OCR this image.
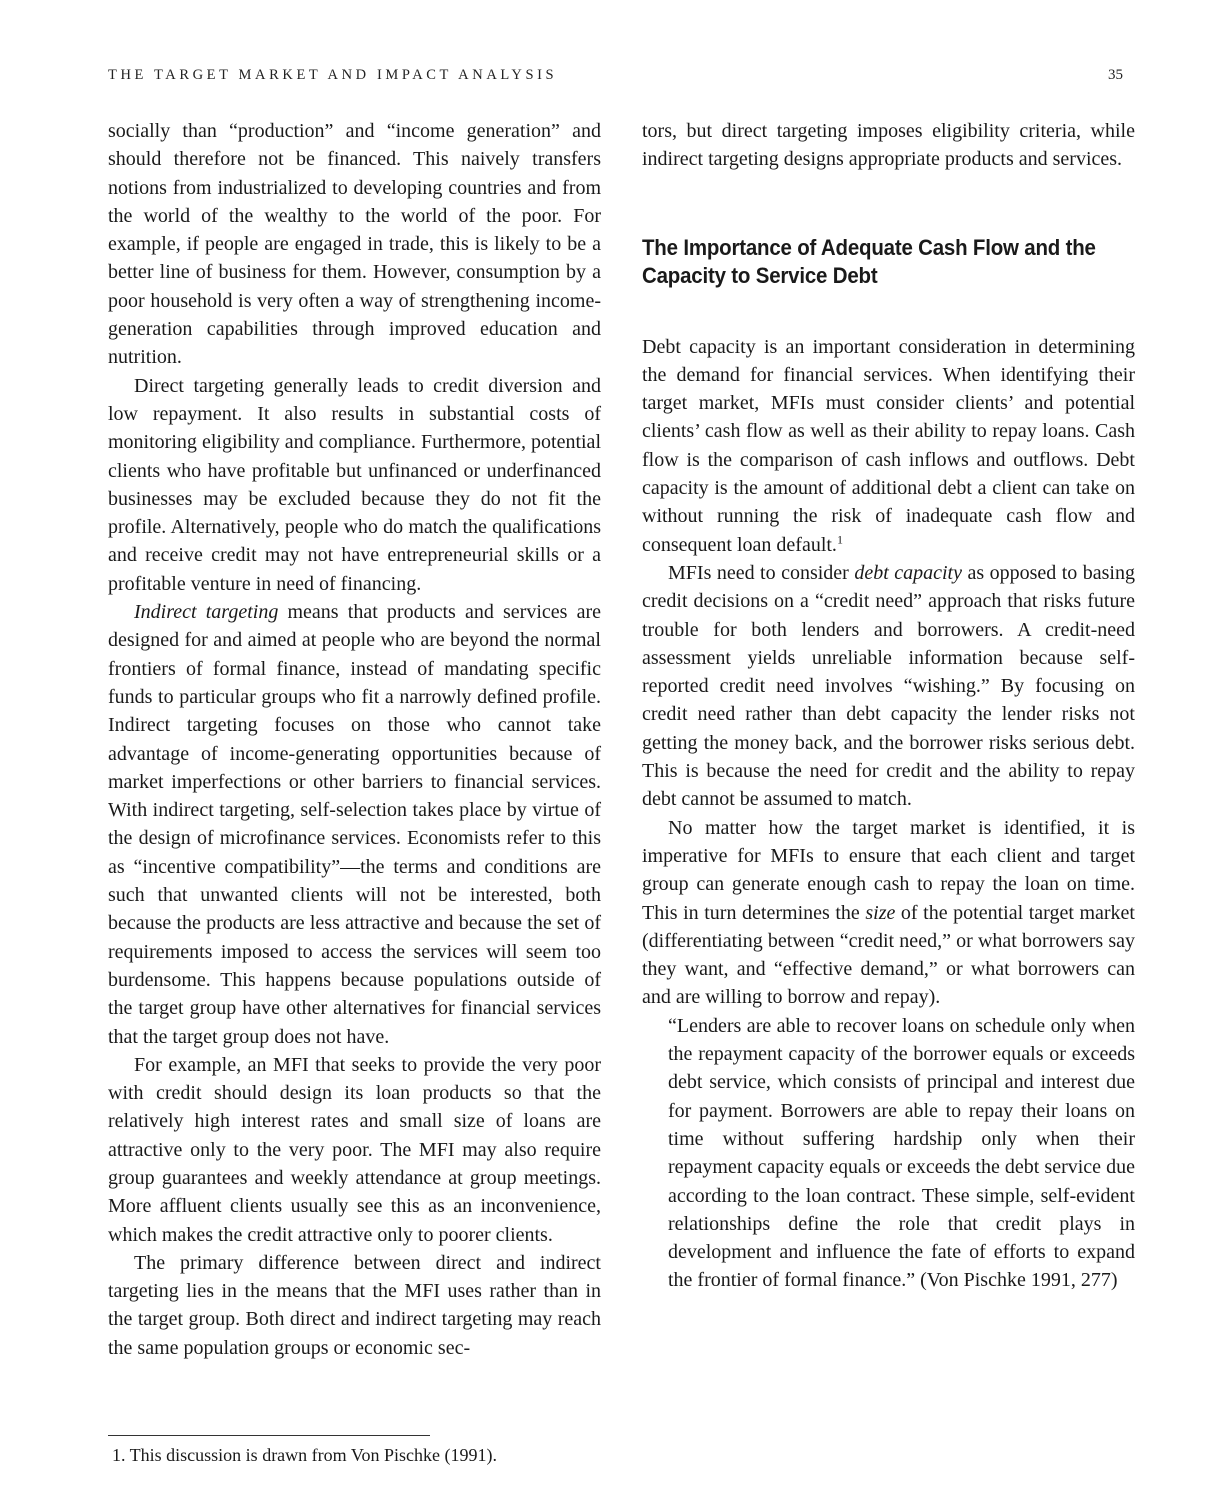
THE TARGET MARKET AND IMPACT ANALYSIS	35

socially than “production” and “income generation” and should therefore not be financed. This naively transfers notions from industrialized to developing countries and from the world of the wealthy to the world of the poor. For example, if people are engaged in trade, this is likely to be a better line of business for them. However, consumption by a poor household is very often a way of strengthening income-generation capabilities through improved education and nutrition.

Direct targeting generally leads to credit diversion and low repayment. It also results in substantial costs of monitoring eligibility and compliance. Furthermore, potential clients who have profitable but unfinanced or underfinanced businesses may be excluded because they do not fit the profile. Alternatively, people who do match the qualifications and receive credit may not have entrepreneurial skills or a profitable venture in need of financing.

Indirect targeting means that products and services are designed for and aimed at people who are beyond the normal frontiers of formal finance, instead of mandating specific funds to particular groups who fit a narrowly defined profile. Indirect targeting focuses on those who cannot take advantage of income-generating opportunities because of market imperfections or other barriers to financial services. With indirect targeting, self-selection takes place by virtue of the design of microfinance services. Economists refer to this as “incentive compatibility”—the terms and conditions are such that unwanted clients will not be interested, both because the products are less attractive and because the set of requirements imposed to access the services will seem too burdensome. This happens because populations outside of the target group have other alternatives for financial services that the target group does not have.

For example, an MFI that seeks to provide the very poor with credit should design its loan products so that the relatively high interest rates and small size of loans are attractive only to the very poor. The MFI may also require group guarantees and weekly attendance at group meetings. More affluent clients usually see this as an inconvenience, which makes the credit attractive only to poorer clients.

The primary difference between direct and indirect targeting lies in the means that the MFI uses rather than in the target group. Both direct and indirect targeting may reach the same population groups or economic sec-

tors, but direct targeting imposes eligibility criteria, while indirect targeting designs appropriate products and services.

The Importance of Adequate Cash Flow and the
Capacity to Service Debt

Debt capacity is an important consideration in determining the demand for financial services. When identifying their target market, MFIs must consider clients’ and potential clients’ cash flow as well as their ability to repay loans. Cash flow is the comparison of cash inflows and outflows. Debt capacity is the amount of additional debt a client can take on without running the risk of inadequate cash flow and consequent loan default.$^1$

MFIs need to consider debt capacity as opposed to basing credit decisions on a “credit need” approach that risks future trouble for both lenders and borrowers. A credit-need assessment yields unreliable information because self-reported credit need involves “wishing.” By focusing on credit need rather than debt capacity the lender risks not getting the money back, and the borrower risks serious debt. This is because the need for credit and the ability to repay debt cannot be assumed to match.

No matter how the target market is identified, it is imperative for MFIs to ensure that each client and target group can generate enough cash to repay the loan on time. This in turn determines the size of the potential target market (differentiating between “credit need,” or what borrowers say they want, and “effective demand,” or what borrowers can and are willing to borrow and repay).

“Lenders are able to recover loans on schedule only when the repayment capacity of the borrower equals or exceeds debt service, which consists of principal and interest due for payment. Borrowers are able to repay their loans on time without suffering hardship only when their repayment capacity equals or exceeds the debt service due according to the loan contract. These simple, self-evident relationships define the role that credit plays in development and influence the fate of efforts to expand the frontier of formal finance.” (Von Pischke 1991, 277)

1. This discussion is drawn from Von Pischke (1991).
